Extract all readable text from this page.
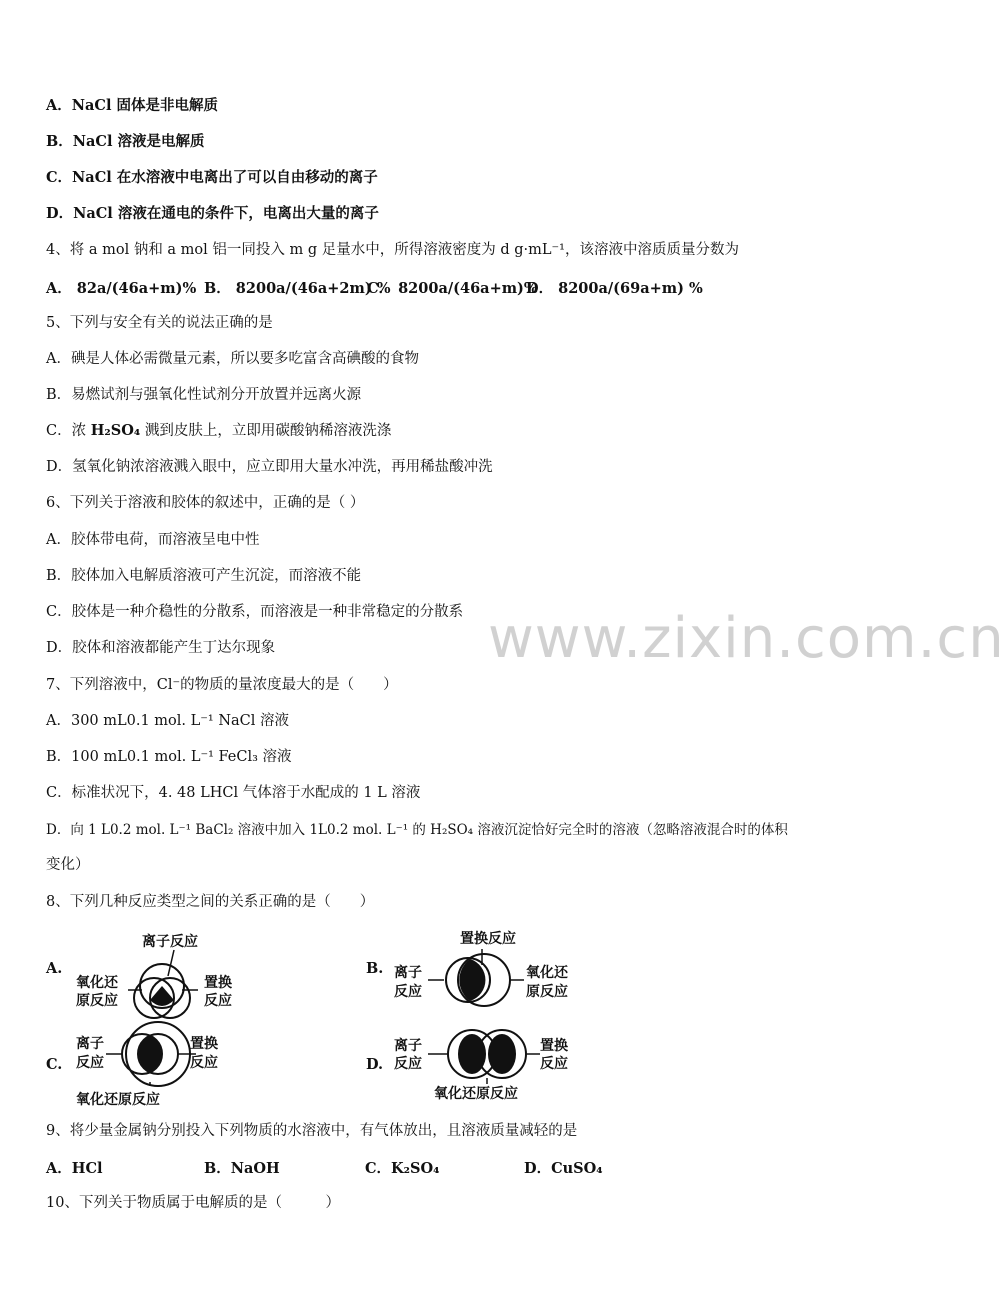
A．NaCl 固体是非电解质
B．NaCl 溶液是电解质
C．NaCl 在水溶液中电离出了可以自由移动的离子
D．NaCl 溶液在通电的条件下，电离出大量的离子
4、将 a mol 钠和 a mol 铝一同投入 m g 足量水中，所得溶液密度为 d g·mL⁻¹，该溶液中溶质质量分数为
A． 82a/(46a+m)% B． 8200a/(46a+2m) %
C． 8200a/(46a+m)%
D． 8200a/(69a+m) %
5、下列与安全有关的说法正确的是
A．碘是人体必需微量元素，所以要多吃富含高碘酸的食物
B．易燃试剂与强氧化性试剂分开放置并远离火源
C．浓 H₂SO₄ 溅到皮肤上，立即用碳酸钠稀溶液洗涤
D．氢氧化钠浓溶液溅入眼中，应立即用大量水冲洗，再用稀盐酸冲洗
6、下列关于溶液和胶体的叙述中，正确的是（ ）
A．胶体带电荷，而溶液呈电中性
B．胶体加入电解质溶液可产生沉淀，而溶液不能
C．胶体是一种介稳性的分散系，而溶液是一种非常稳定的分散系
D．胶体和溶液都能产生丁达尔现象	www.zixin.com.cn
7、下列溶液中，Cl⁻的物质的量浓度最大的是（　　）
A．300 mL0.1 mol. L⁻¹ NaCl 溶液
B．100 mL0.1 mol. L⁻¹ FeCl₃ 溶液
C．标准状况下，4. 48 LHCl 气体溶于水配成的 1 L 溶液
D．向 1 L0.2 mol. L⁻¹ BaCl₂ 溶液中加入 1L0.2 mol. L⁻¹ 的 H₂SO₄ 溶液沉淀恰好完全时的溶液（忽略溶液混合时的体积
变化）
8、下列几种反应类型之间的关系正确的是（　　）
A.	B.
C.	D.
离子反应
氧化还
原反应
置换
反应
置换反应
离子
反应
氧化还
原反应
离子
反应
置换
反应
氧化还原反应
离子
反应
置换
反应
氧化还原反应
9、将少量金属钠分别投入下列物质的水溶液中，有气体放出，且溶液质量减轻的是
A．HCl	B．NaOH	C．K₂SO₄	D．CuSO₄
10、下列关于物质属于电解质的是（　　　）
